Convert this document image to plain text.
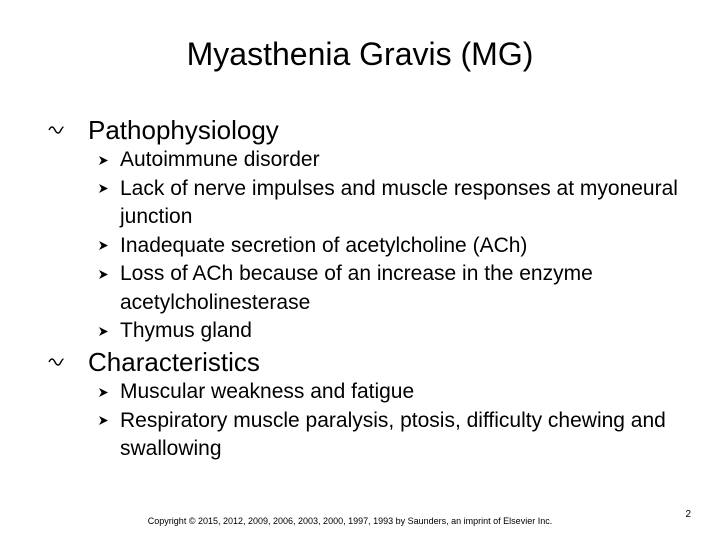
Myasthenia Gravis (MG)
Pathophysiology
Autoimmune disorder
Lack of nerve impulses and muscle responses at myoneural junction
Inadequate secretion of acetylcholine (ACh)
Loss of ACh because of an increase in the enzyme acetylcholinesterase
Thymus gland
Characteristics
Muscular weakness and fatigue
Respiratory muscle paralysis, ptosis, difficulty chewing and swallowing
Copyright © 2015, 2012, 2009, 2006, 2003, 2000, 1997, 1993 by Saunders, an imprint of Elsevier Inc.
2
